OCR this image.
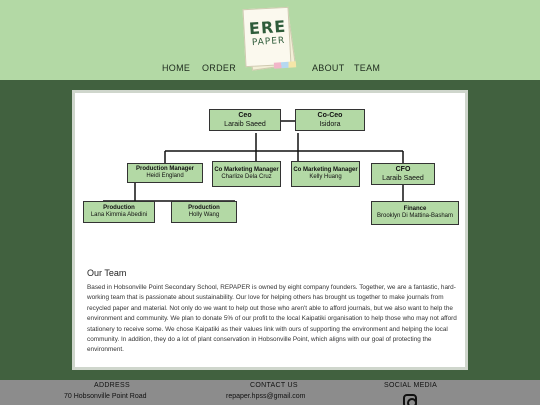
ERE
PAPER
HOME ORDER	ABOUT TEAM
Ceo
Laraib Saeed
Co-Ceo
Isidora
Production Manager
Heidi England
Co Marketing Manager
Charlize Dela Cruz
Co Marketing Manager
Kelly Huang
CFO
Laraib Saeed
Production
Lana Kimmia Abedini
Production
Holly Wang
Finance
Brooklyn Di Mattina-Basham
Our Team

Based in Hobsonville Point Secondary School, REPAPER is owned by eight company founders. Together, we are a fantastic, hard-working team that is passionate about sustainability. Our love for helping others has brought us together to make journals from recycled paper and material. Not only do we want to help out those who aren't able to afford journals, but we also want to help the environment and community. We plan to donate 5% of our profit to the local Kaipatiki organisation to help those who may not afford stationery to receive some. We chose Kaipatiki as their values link with ours of supporting the environment and helping the local community. In addition, they do a lot of plant conservation in Hobsonville Point, which aligns with our goal of protecting the environment.

ADDRESS
70 Hobsonville Point Road
CONTACT US
repaper.hpss@gmail.com
SOCIAL MEDIA
